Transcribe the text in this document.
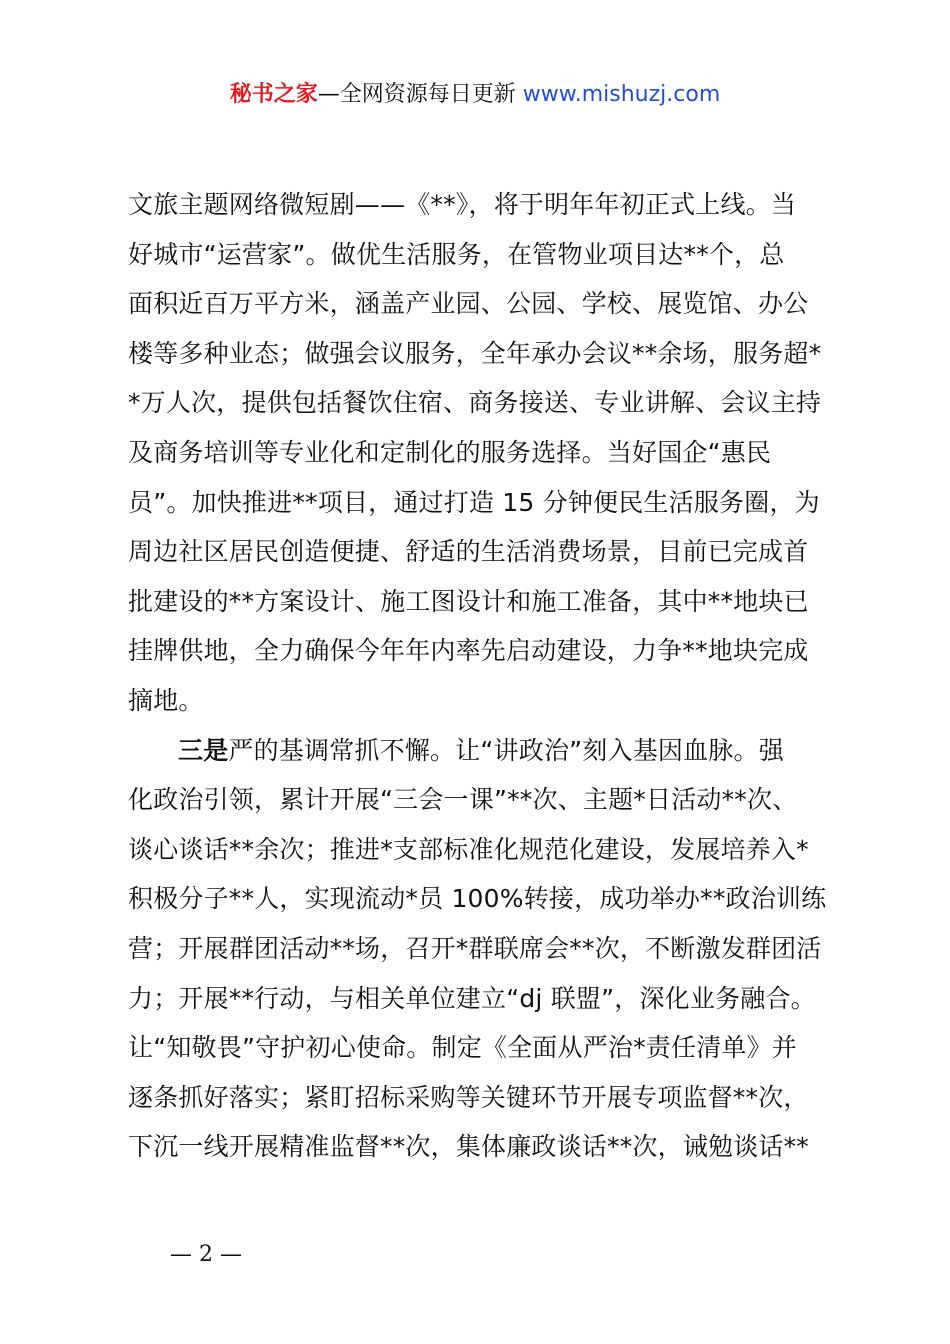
秘书之家—全网资源每日更新 www.mishuzj.com
文旅主题网络微短剧——《**》，将于明年年初正式上线。当
好城市“运营家”。做优生活服务，在管物业项目达**个，总
面积近百万平方米，涵盖产业园、公园、学校、展览馆、办公
楼等多种业态；做强会议服务，全年承办会议**余场，服务超*
*万人次，提供包括餐饮住宿、商务接送、专业讲解、会议主持
及商务培训等专业化和定制化的服务选择。当好国企“惠民
员”。加快推进**项目，通过打造 15 分钟便民生活服务圈，为
周边社区居民创造便捷、舒适的生活消费场景，目前已完成首
批建设的**方案设计、施工图设计和施工准备，其中**地块已
挂牌供地，全力确保今年年内率先启动建设，力争**地块完成
摘地。
三是严的基调常抓不懈。让“讲政治”刻入基因血脉。强
化政治引领，累计开展“三会一课”**次、主题*日活动**次、
谈心谈话**余次；推进*支部标准化规范化建设，发展培养入*
积极分子**人，实现流动*员 100%转接，成功举办**政治训练
营；开展群团活动**场，召开*群联席会**次，不断激发群团活
力；开展**行动，与相关单位建立“dj 联盟”，深化业务融合。
让“知敬畏”守护初心使命。制定《全面从严治*责任清单》并
逐条抓好落实；紧盯招标采购等关键环节开展专项监督**次，
下沉一线开展精准监督**次，集体廉政谈话**次，诫勉谈话**
— 2 —
